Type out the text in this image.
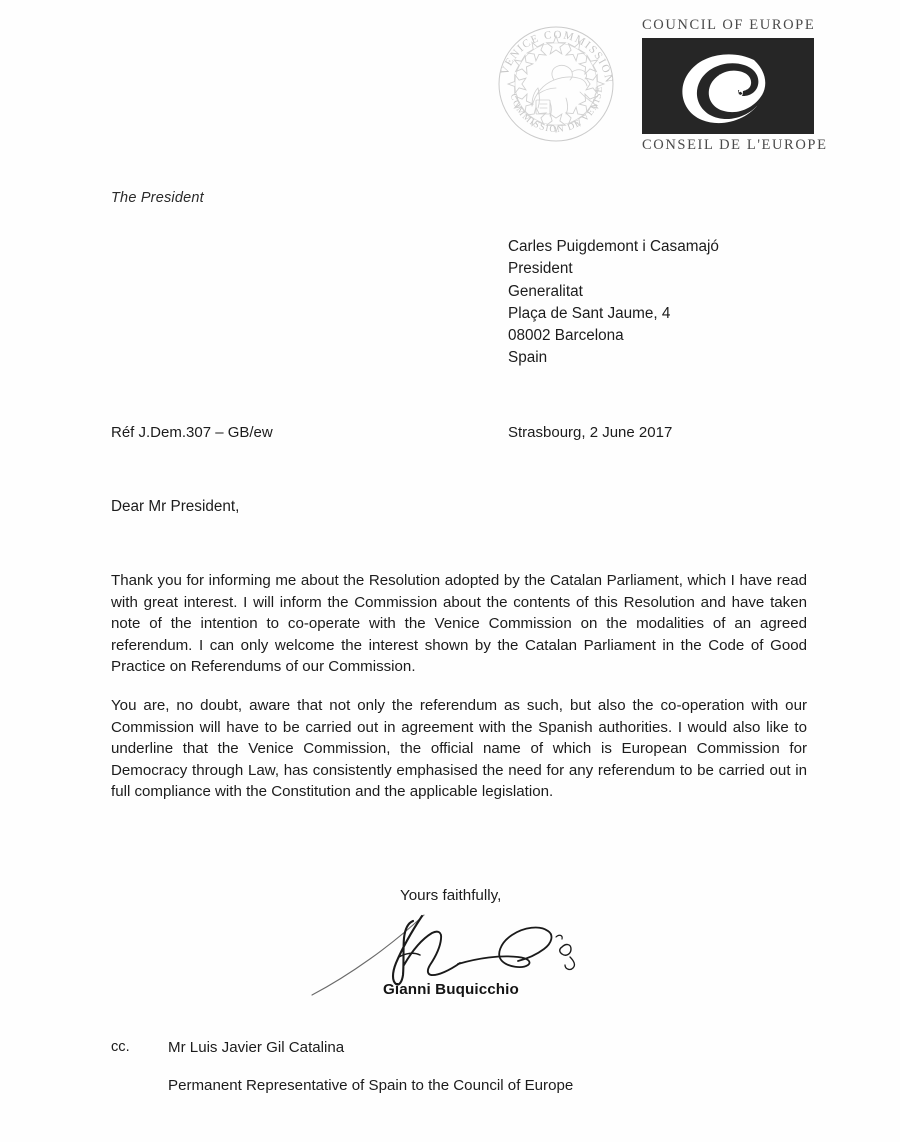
VENICE COMMISSION
COMMISSION DE VENISE
COUNCIL OF EUROPE
CONSEIL DE L'EUROPE
The President
Carles Puigdemont i Casamajó
President
Generalitat
Plaça de Sant Jaume, 4
08002 Barcelona
Spain
Réf J.Dem.307 – GB/ew	Strasbourg, 2 June 2017
Dear Mr President,

Thank you for informing me about the Resolution adopted by the Catalan Parliament, which I have read with great interest. I will inform the Commission about the contents of this Resolution and have taken note of the intention to co-operate with the Venice Commission on the modalities of an agreed referendum. I can only welcome the interest shown by the Catalan Parliament in the Code of Good Practice on Referendums of our Commission.

You are, no doubt, aware that not only the referendum as such, but also the co-operation with our Commission will have to be carried out in agreement with the Spanish authorities. I would also like to underline that the Venice Commission, the official name of which is European Commission for Democracy through Law, has consistently emphasised the need for any referendum to be carried out in full compliance with the Constitution and the applicable legislation.

Yours faithfully,
Gianni Buquicchio
cc.	Mr Luis Javier Gil Catalina
Permanent Representative of Spain to the Council of Europe
